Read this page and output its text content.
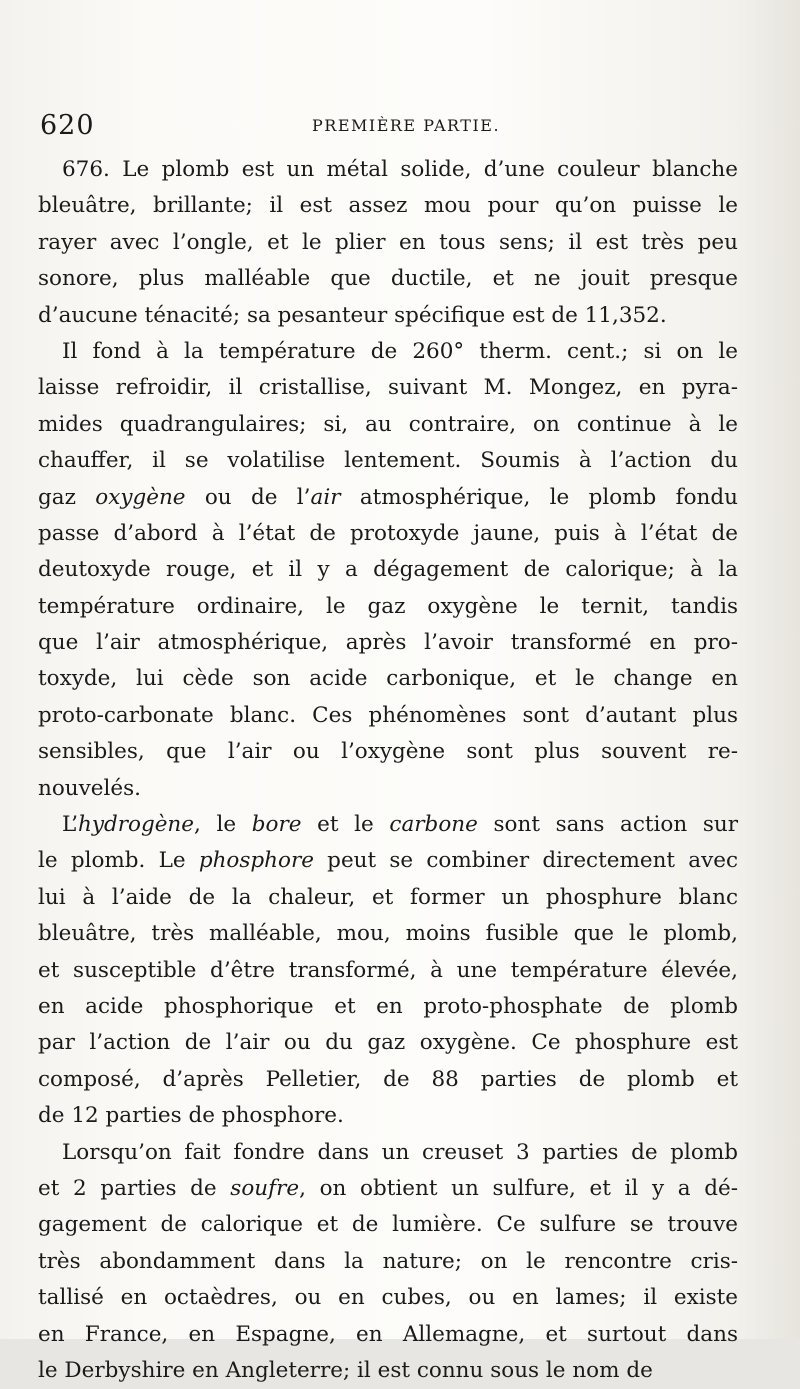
620	PREMIÈRE PARTIE.
676. Le plomb est un métal solide, d’une couleur blanche
bleuâtre, brillante; il est assez mou pour qu’on puisse le
rayer avec l’ongle, et le plier en tous sens; il est très peu
sonore, plus malléable que ductile, et ne jouit presque
d’aucune ténacité; sa pesanteur spécifique est de 11,352.
Il fond à la température de 260° therm. cent.; si on le
laisse refroidir, il cristallise, suivant M. Mongez, en pyra-
mides quadrangulaires; si, au contraire, on continue à le
chauffer, il se volatilise lentement. Soumis à l’action du
gaz oxygène ou de l’air atmosphérique, le plomb fondu
passe d’abord à l’état de protoxyde jaune, puis à l’état de
deutoxyde rouge, et il y a dégagement de calorique; à la
température ordinaire, le gaz oxygène le ternit, tandis
que l’air atmosphérique, après l’avoir transformé en pro-
toxyde, lui cède son acide carbonique, et le change en
proto-carbonate blanc. Ces phénomènes sont d’autant plus
sensibles, que l’air ou l’oxygène sont plus souvent re-
nouvelés.
L’hydrogène, le bore et le carbone sont sans action sur
le plomb. Le phosphore peut se combiner directement avec
lui à l’aide de la chaleur, et former un phosphure blanc
bleuâtre, très malléable, mou, moins fusible que le plomb,
et susceptible d’être transformé, à une température élevée,
en acide phosphorique et en proto-phosphate de plomb
par l’action de l’air ou du gaz oxygène. Ce phosphure est
composé, d’après Pelletier, de 88 parties de plomb et
de 12 parties de phosphore.
Lorsqu’on fait fondre dans un creuset 3 parties de plomb
et 2 parties de soufre, on obtient un sulfure, et il y a dé-
gagement de calorique et de lumière. Ce sulfure se trouve
très abondamment dans la nature; on le rencontre cris-
tallisé en octaèdres, ou en cubes, ou en lames; il existe
en France, en Espagne, en Allemagne, et surtout dans
le Derbyshire en Angleterre; il est connu sous le nom de
